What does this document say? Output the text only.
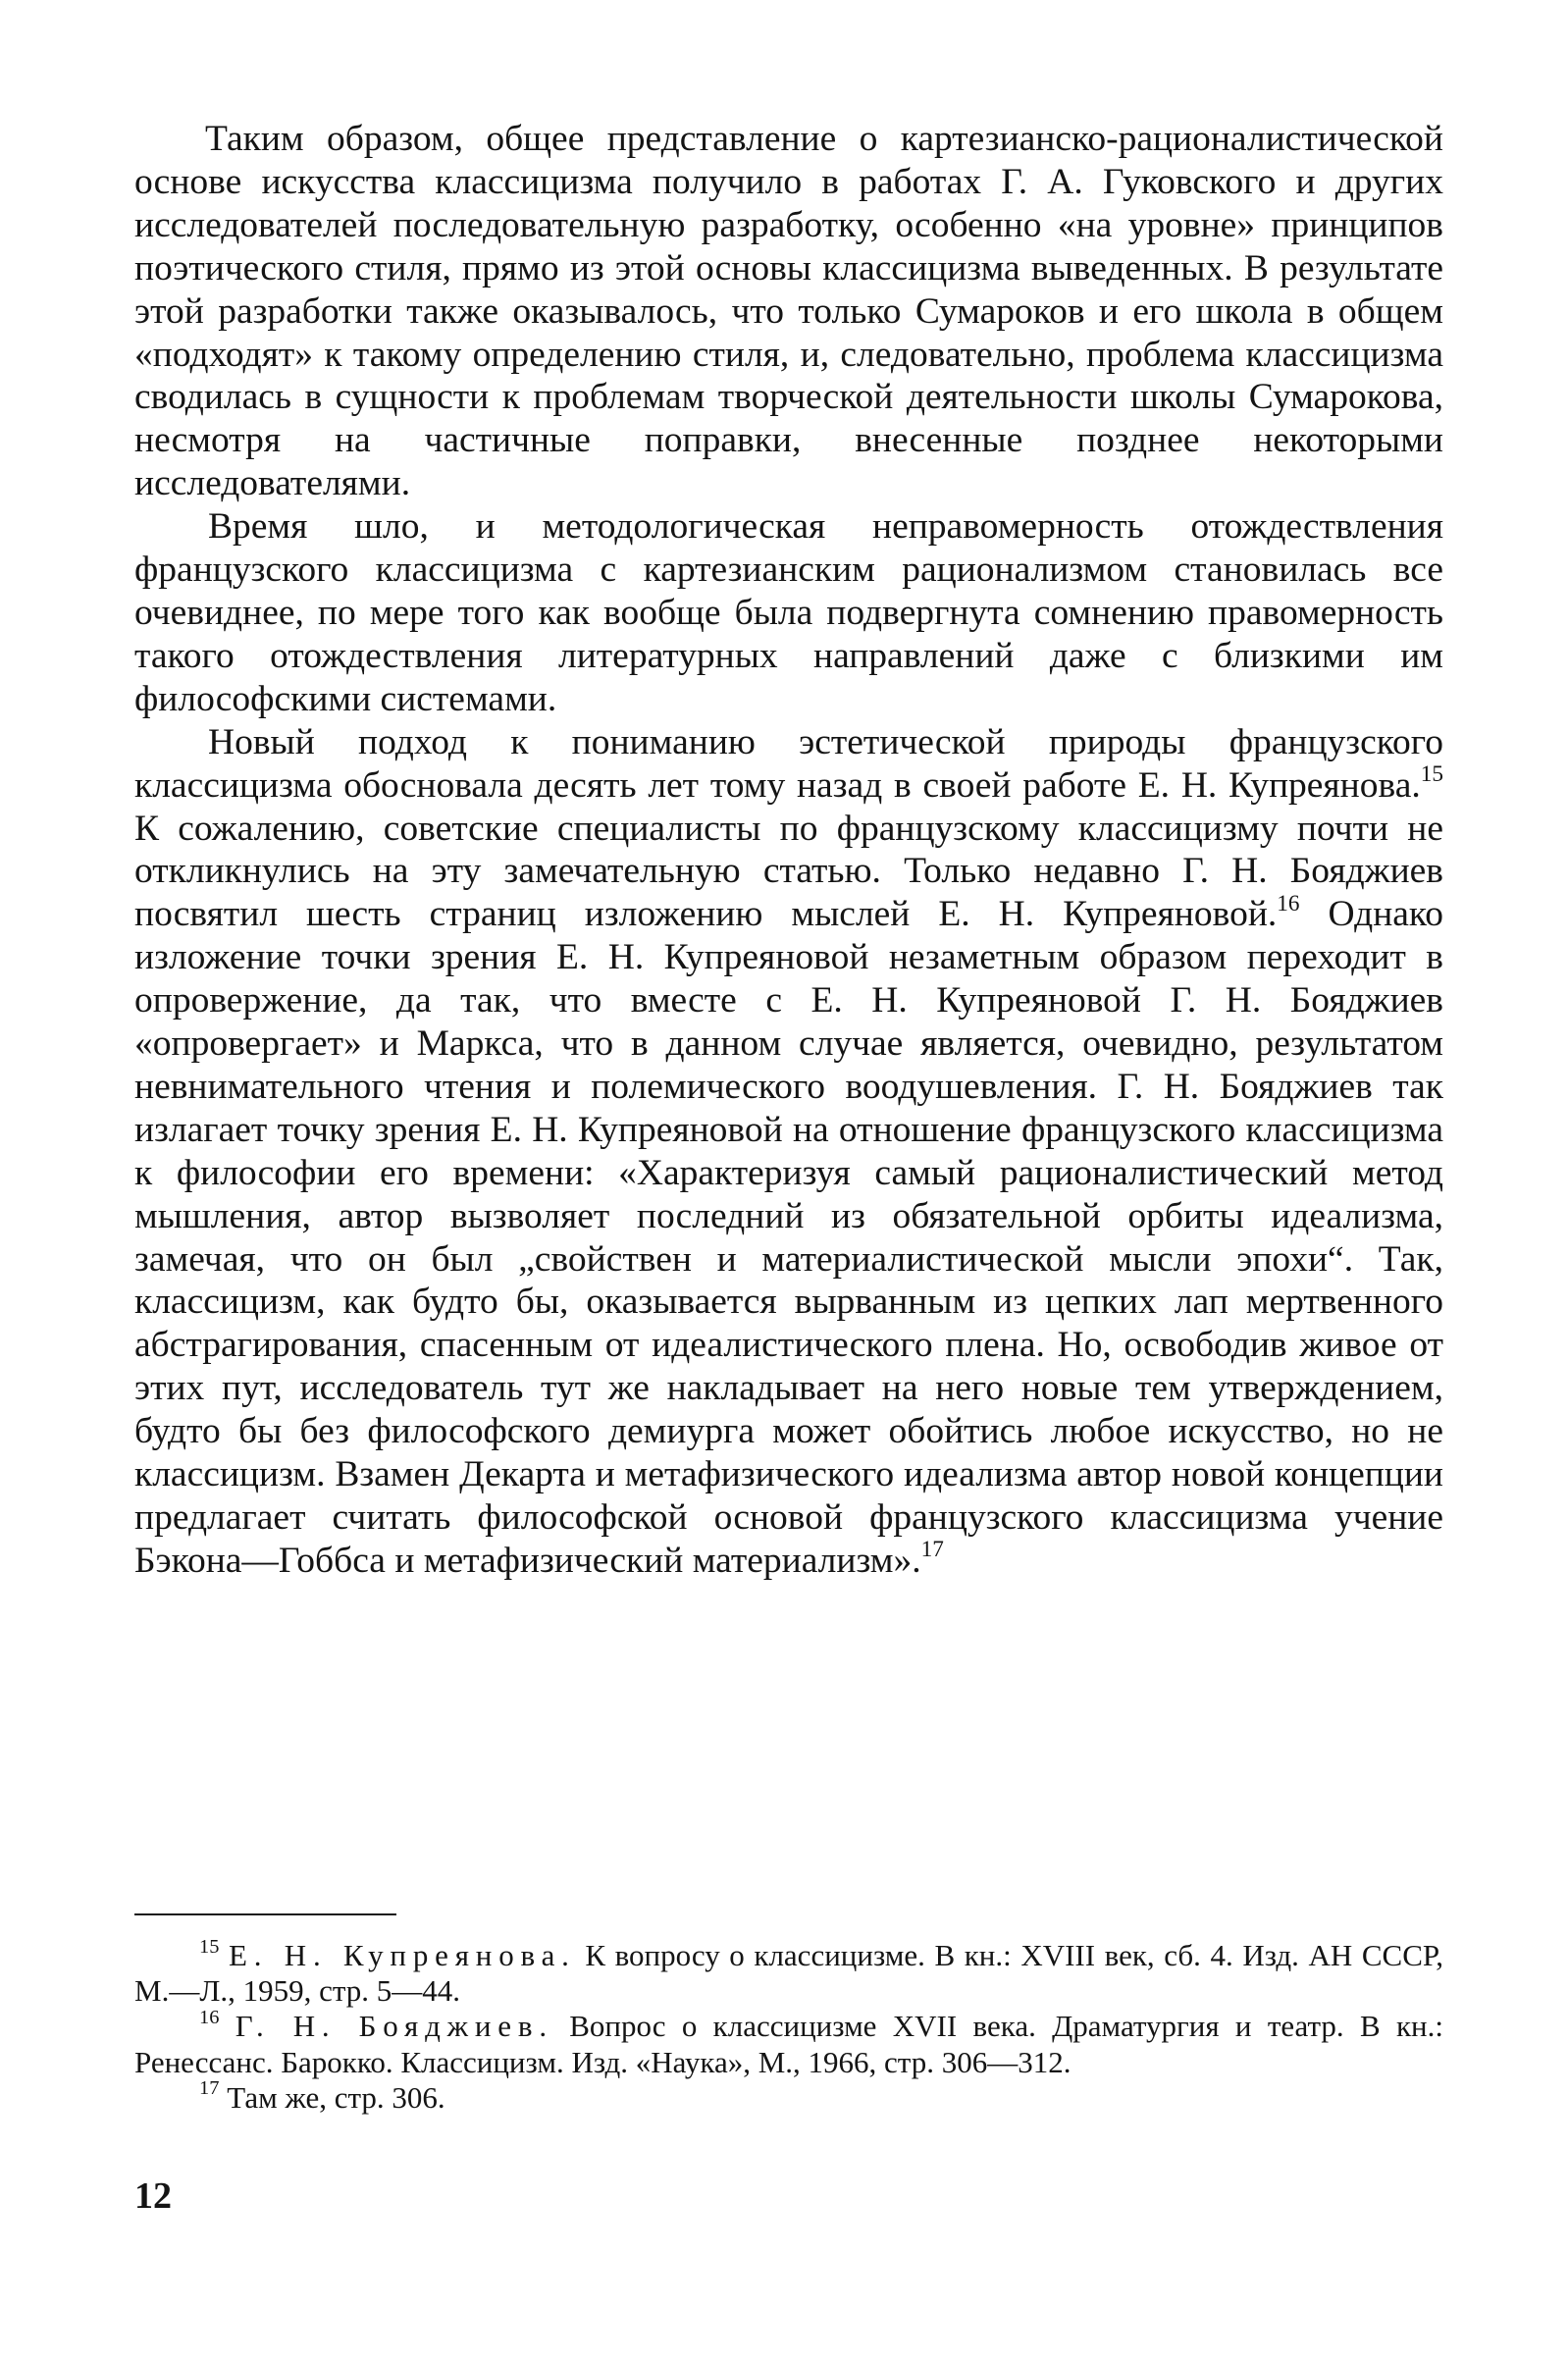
Таким образом, общее представление о картезианско-рационалистической основе искусства классицизма получило в работах Г. А. Гуковского и других исследователей последовательную разработку, особенно «на уровне» принципов поэтического стиля, прямо из этой основы классицизма выведенных. В результате этой разработки также оказывалось, что только Сумароков и его школа в общем «подходят» к такому определению стиля, и, следовательно, проблема классицизма сводилась в сущности к проблемам творческой деятельности школы Сумарокова, несмотря на частичные поправки, внесенные позднее некоторыми исследователями.

Время шло, и методологическая неправомерность отождествления французского классицизма с картезианским рационализмом становилась все очевиднее, по мере того как вообще была подвергнута сомнению правомерность такого отождествления литературных направлений даже с близкими им философскими системами.

Новый подход к пониманию эстетической природы французского классицизма обосновала десять лет тому назад в своей работе Е. Н. Купреянова.$^{15}$ К сожалению, советские специалисты по французскому классицизму почти не откликнулись на эту замечательную статью. Только недавно Г. Н. Бояджиев посвятил шесть страниц изложению мыслей Е. Н. Купреяновой.$^{16}$ Однако изложение точки зрения Е. Н. Купреяновой незаметным образом переходит в опровержение, да так, что вместе с Е. Н. Купреяновой Г. Н. Бояджиев «опровергает» и Маркса, что в данном случае является, очевидно, результатом невнимательного чтения и полемического воодушевления. Г. Н. Бояджиев так излагает точку зрения Е. Н. Купреяновой на отношение французского классицизма к философии его времени: «Характеризуя самый рационалистический метод мышления, автор вызволяет последний из обязательной орбиты идеализма, замечая, что он был „свойствен и материалистической мысли эпохи“. Так, классицизм, как будто бы, оказывается вырванным из цепких лап мертвенного абстрагирования, спасенным от идеалистического плена. Но, освободив живое от этих пут, исследователь тут же накладывает на него новые тем утверждением, будто бы без философского демиурга может обойтись любое искусство, но не классицизм. Взамен Декарта и метафизического идеализма автор новой концепции предлагает считать философской основой французского классицизма учение Бэкона—Гоббса и метафизический материализм».$^{17}$

$^{15}$ Е. Н. Купреянова. К вопросу о классицизме. В кн.: XVIII век, сб. 4. Изд. АН СССР, М.—Л., 1959, стр. 5—44.

$^{16}$ Г. Н. Бояджиев. Вопрос о классицизме XVII века. Драматургия и театр. В кн.: Ренессанс. Барокко. Классицизм. Изд. «Наука», М., 1966, стр. 306—312.

$^{17}$ Там же, стр. 306.

12
